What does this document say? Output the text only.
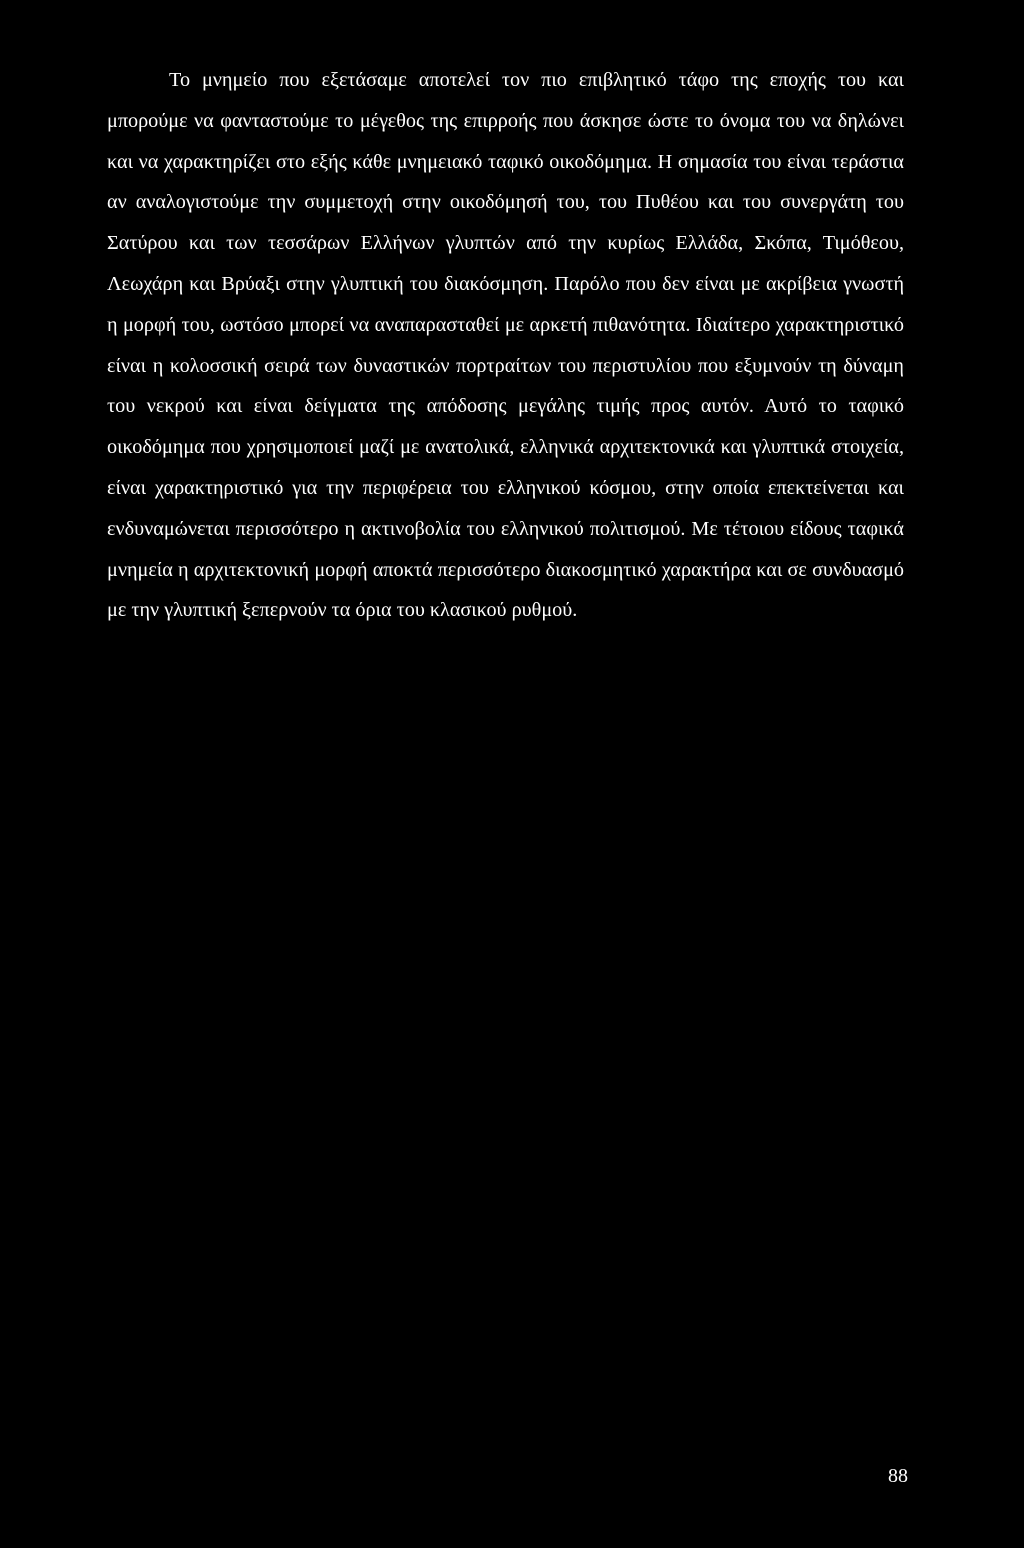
Το μνημείο που εξετάσαμε αποτελεί τον πιο επιβλητικό τάφο της εποχής του και μπορούμε να φανταστούμε το μέγεθος της επιρροής που άσκησε ώστε το όνομα του να δηλώνει και να χαρακτηρίζει στο εξής κάθε μνημειακό ταφικό οικοδόμημα. Η σημασία του είναι τεράστια αν αναλογιστούμε την συμμετοχή στην οικοδόμησή του, του Πυθέου και του συνεργάτη του Σατύρου και των τεσσάρων Ελλήνων γλυπτών από την κυρίως Ελλάδα, Σκόπα, Τιμόθεου, Λεωχάρη και Βρύαξι στην γλυπτική του διακόσμηση. Παρόλο που δεν είναι με ακρίβεια γνωστή η μορφή του, ωστόσο μπορεί να αναπαρασταθεί με αρκετή πιθανότητα. Ιδιαίτερο χαρακτηριστικό είναι η κολοσσική σειρά των δυναστικών πορτραίτων του περιστυλίου που εξυμνούν τη δύναμη του νεκρού και είναι δείγματα της απόδοσης μεγάλης τιμής προς αυτόν. Αυτό το ταφικό οικοδόμημα που χρησιμοποιεί μαζί με ανατολικά, ελληνικά αρχιτεκτονικά και γλυπτικά στοιχεία, είναι χαρακτηριστικό για την περιφέρεια του ελληνικού κόσμου, στην οποία επεκτείνεται και ενδυναμώνεται περισσότερο η ακτινοβολία του ελληνικού πολιτισμού. Με τέτοιου είδους ταφικά μνημεία η αρχιτεκτονική μορφή αποκτά περισσότερο διακοσμητικό χαρακτήρα και σε συνδυασμό με την γλυπτική ξεπερνούν τα όρια του κλασικού ρυθμού.

88
